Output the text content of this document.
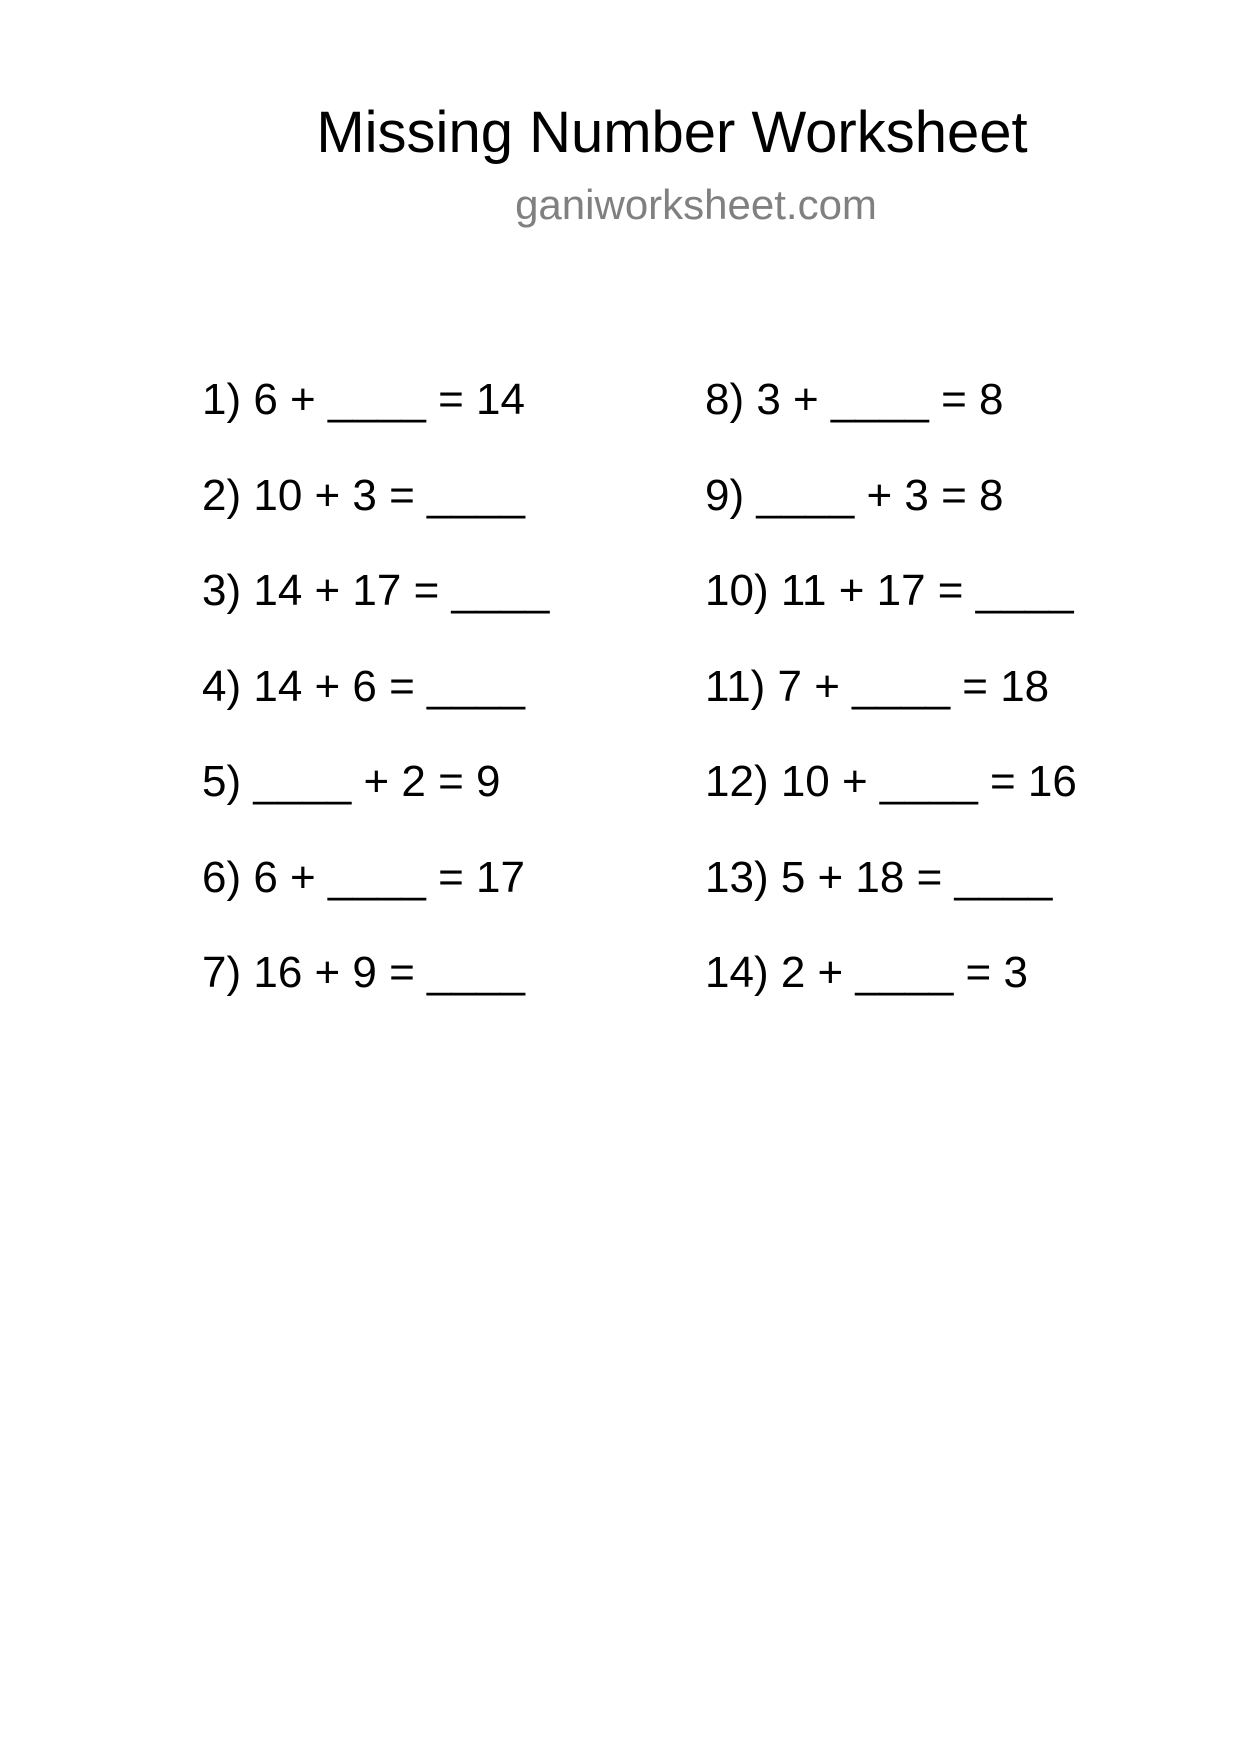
Missing Number Worksheet
ganiworksheet.com
1) 6 + ____ = 14
2) 10 + 3 = ____
3) 14 + 17 = ____
4) 14 + 6 = ____
5) ____ + 2 = 9
6) 6 + ____ = 17
7) 16 + 9 = ____
8) 3 + ____ = 8
9) ____ + 3 = 8
10) 11 + 17 = ____
11) 7 + ____ = 18
12) 10 + ____ = 16
13) 5 + 18 = ____
14) 2 + ____ = 3
